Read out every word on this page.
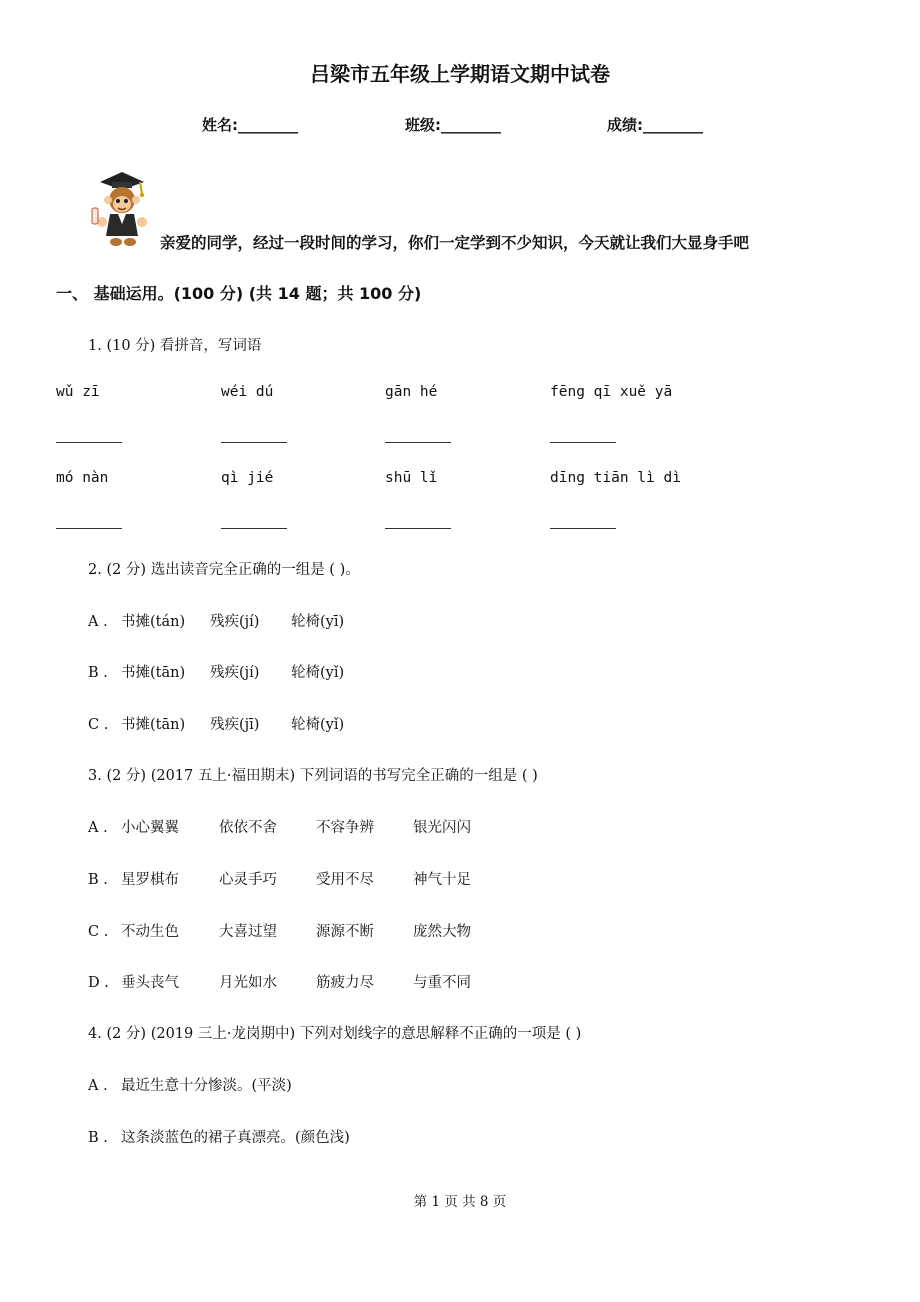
吕梁市五年级上学期语文期中试卷
姓名:________	班级:________	成绩:________
亲爱的同学，经过一段时间的学习，你们一定学到不少知识，今天就让我们大显身手吧
一、 基础运用。(100 分) (共 14 题；共 100 分)
1. (10 分) 看拼音，写词语
wǔ zī	wéi dú	gān hé	fēng qī xuě yā
mó nàn	qì jié	shū lǐ	dīng tiān lì dì
2. (2 分) 选出读音完全正确的一组是 ( )。
A . 书摊(tán) 残疾(jí) 轮椅(yī)
B . 书摊(tān) 残疾(jí) 轮椅(yǐ)
C . 书摊(tān) 残疾(jī) 轮椅(yǐ)
3. (2 分) (2017 五上·福田期末) 下列词语的书写完全正确的一组是 ( )
A . 小心翼翼	依依不舍	不容争辨	银光闪闪
B . 星罗棋布	心灵手巧	受用不尽	神气十足
C . 不动生色	大喜过望	源源不断	庞然大物
D . 垂头丧气	月光如水	筋疲力尽	与重不同
4. (2 分) (2019 三上·龙岗期中) 下列对划线字的意思解释不正确的一项是 ( )
A . 最近生意十分惨淡。(平淡)
B . 这条淡蓝色的裙子真漂亮。(颜色浅)
第 1 页 共 8 页
